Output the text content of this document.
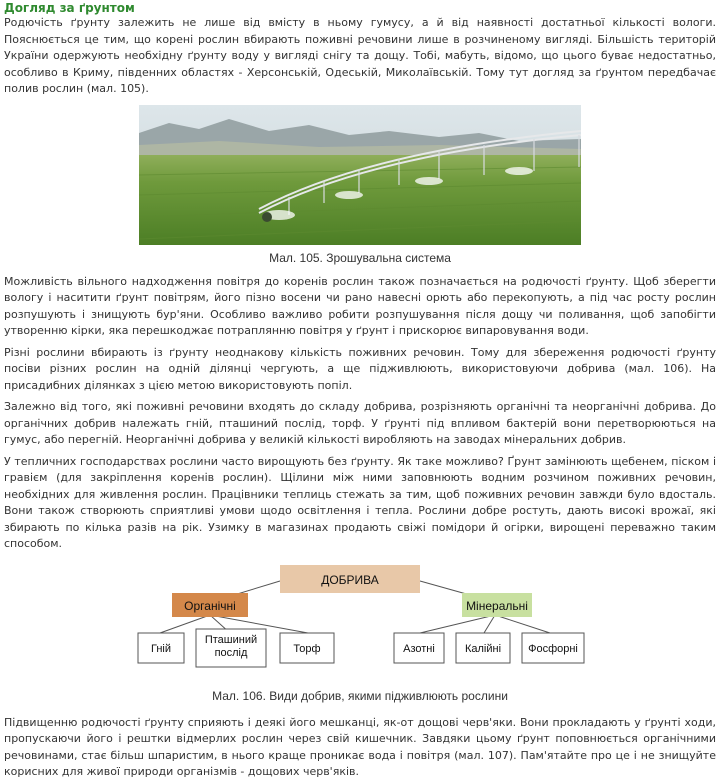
Догляд за ґрунтом

Родючість ґрунту залежить не лише від вмісту в ньому гумусу, а й від наявності достатньої кількості вологи. Пояснюється це тим, що корені рослин вбирають поживні речовини лише в розчиненому вигляді. Більшість територій України одержують необхідну ґрунту воду у вигляді снігу та дощу. Тобі, мабуть, відомо, що цього буває недостатньо, особливо в Криму, південних областях - Херсонській, Одеській, Миколаївській. Тому тут догляд за ґрунтом передбачає полив рослин (мал. 105).

Мал. 105. Зрошувальна система

Можливість вільного надходження повітря до коренів рослин також позначається на родючості ґрунту. Щоб зберегти вологу і наситити ґрунт повітрям, його пізно восени чи рано навесні орють або перекопують, а під час росту рослин розпушують і знищують бур'яни. Особливо важливо робити розпушування після дощу чи поливання, щоб запобігти утворенню кірки, яка перешкоджає потраплянню повітря у ґрунт і прискорює випаровування води.

Різні рослини вбирають із ґрунту неоднакову кількість поживних речовин. Тому для збереження родючості ґрунту посіви різних рослин на одній ділянці чергують, а ще підживлюють, використовуючи добрива (мал. 106). На присадибних ділянках з цією метою використовують попіл.

Залежно від того, які поживні речовини входять до складу добрива, розрізняють органічні та неорганічні добрива. До органічних добрив належать гній, пташиний послід, торф. У ґрунті під впливом бактерій вони перетворюються на гумус, або перегній. Неорганічні добрива у великій кількості виробляють на заводах мінеральних добрив.

У тепличних господарствах рослини часто вирощують без ґрунту. Як таке можливо? Ґрунт замінюють щебенем, піском і гравієм (для закріплення коренів рослин). Щілини між ними заповнюють водним розчином поживних речовин, необхідних для живлення рослин. Працівники теплиць стежать за тим, щоб поживних речовин завжди було вдосталь. Вони також створюють сприятливі умови щодо освітлення і тепла. Рослини добре ростуть, дають високі врожаї, які збирають по кілька разів на рік. Узимку в магазинах продають свіжі помідори й огірки, вирощені переважно таким способом.

ДОБРИВА
Органічні	Мінеральні
Гній
Пташиний послід	Торф	Азотні	Калійні Фосфорні
Мал. 106. Види добрив, якими підживлюють рослини

Підвищенню родючості ґрунту сприяють і деякі його мешканці, як-от дощові черв'яки. Вони прокладають у ґрунті ходи, пропускаючи його і рештки відмерлих рослин через свій кишечник. Завдяки цьому ґрунт поповнюється органічними речовинами, стає більш шпаристим, в нього краще проникає вода і повітря (мал. 107). Пам'ятайте про це і не знищуйте корисних для живої природи організмів - дощових черв'яків.
